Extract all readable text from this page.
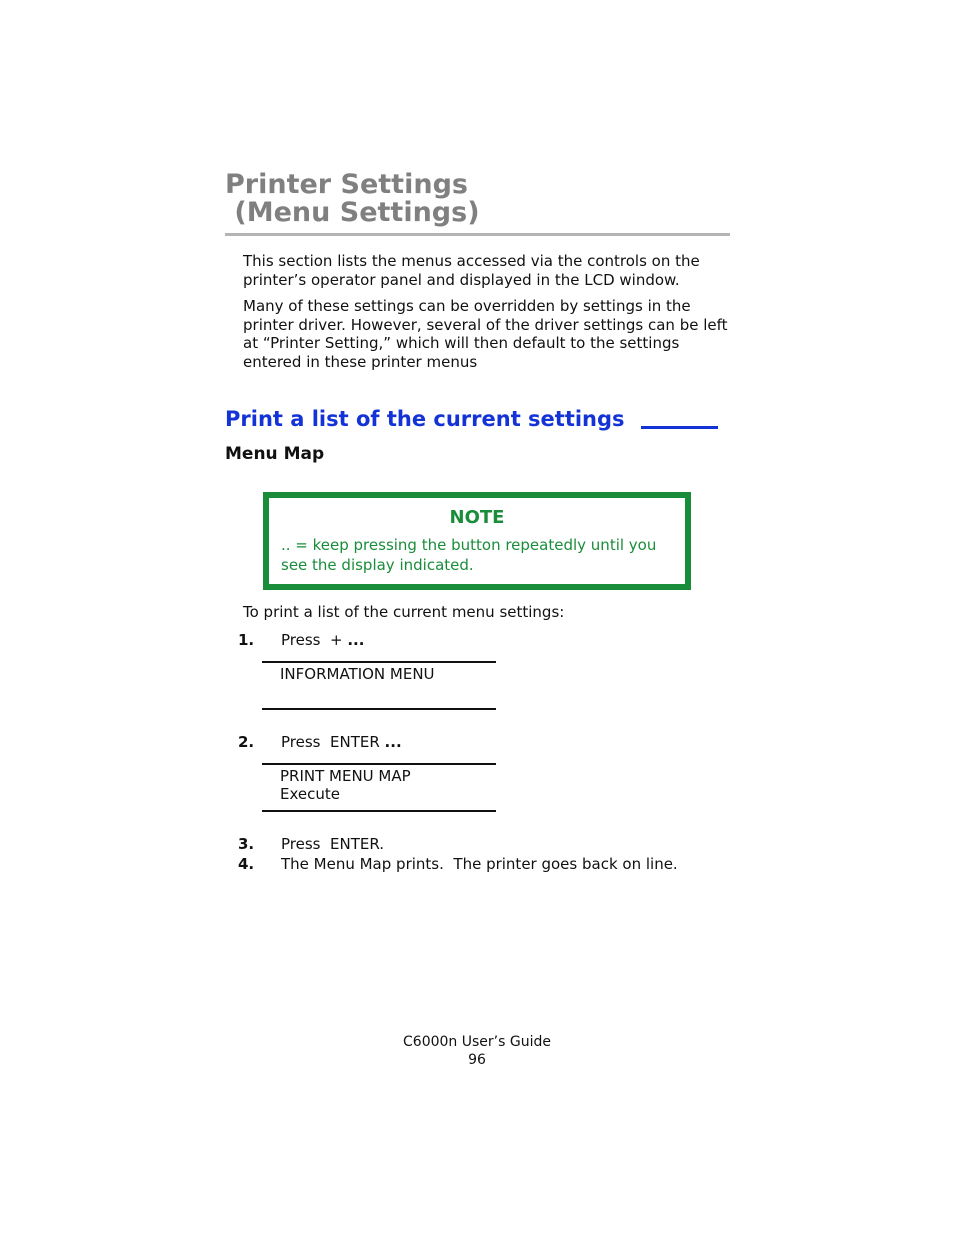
Printer Settings
(Menu Settings)

This section lists the menus accessed via the controls on the printer’s operator panel and displayed in the LCD window.

Many of these settings can be overridden by settings in the printer driver. However, several of the driver settings can be left at “Printer Setting,” which will then default to the settings entered in these printer menus

Print a list of the current settings
Menu Map
NOTE
.. = keep pressing the button repeatedly until you see the display indicated.

To print a list of the current menu settings:

1. Press  + ...
INFORMATION MENU
2. Press  ENTER ...
PRINT MENU MAP
Execute
3. Press  ENTER.
4. The Menu Map prints.  The printer goes back on line.
C6000n User’s Guide
96
